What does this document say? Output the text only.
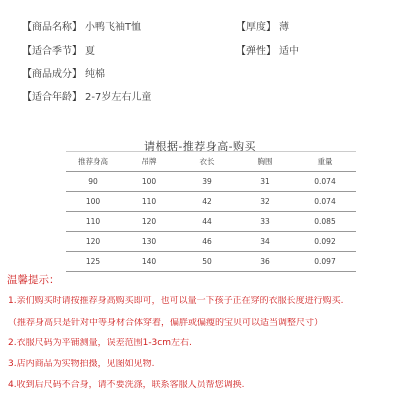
【商品名称】 小鸭飞袖T恤
【适合季节】 夏
【商品成分】 纯棉
【适合年龄】 2-7岁左右儿童
【厚度】 薄
【弹性】 适中
请根据-推荐身高-购买
推荐身高	吊牌	衣长	胸围	重量
90	100	39	31	0.074
100	110	42	32	0.074
110	120	44	33	0.085
120	130	46	34	0.092
125	140	50	36	0.097
温馨提示：
1.亲们购买时请按推荐身高购买即可，也可以量一下孩子正在穿的衣服长度进行购买.
（推荐身高只是针对中等身材合体穿着，偏胖或偏瘦的宝贝可以适当调整尺寸）
2.衣服尺码为平铺测量，误差范围1-3cm左右.
3.店内商品为实物拍摄，见图如见物.
4.收到后尺码不合身，请不要洗涤，联系客服人员帮您调换.
